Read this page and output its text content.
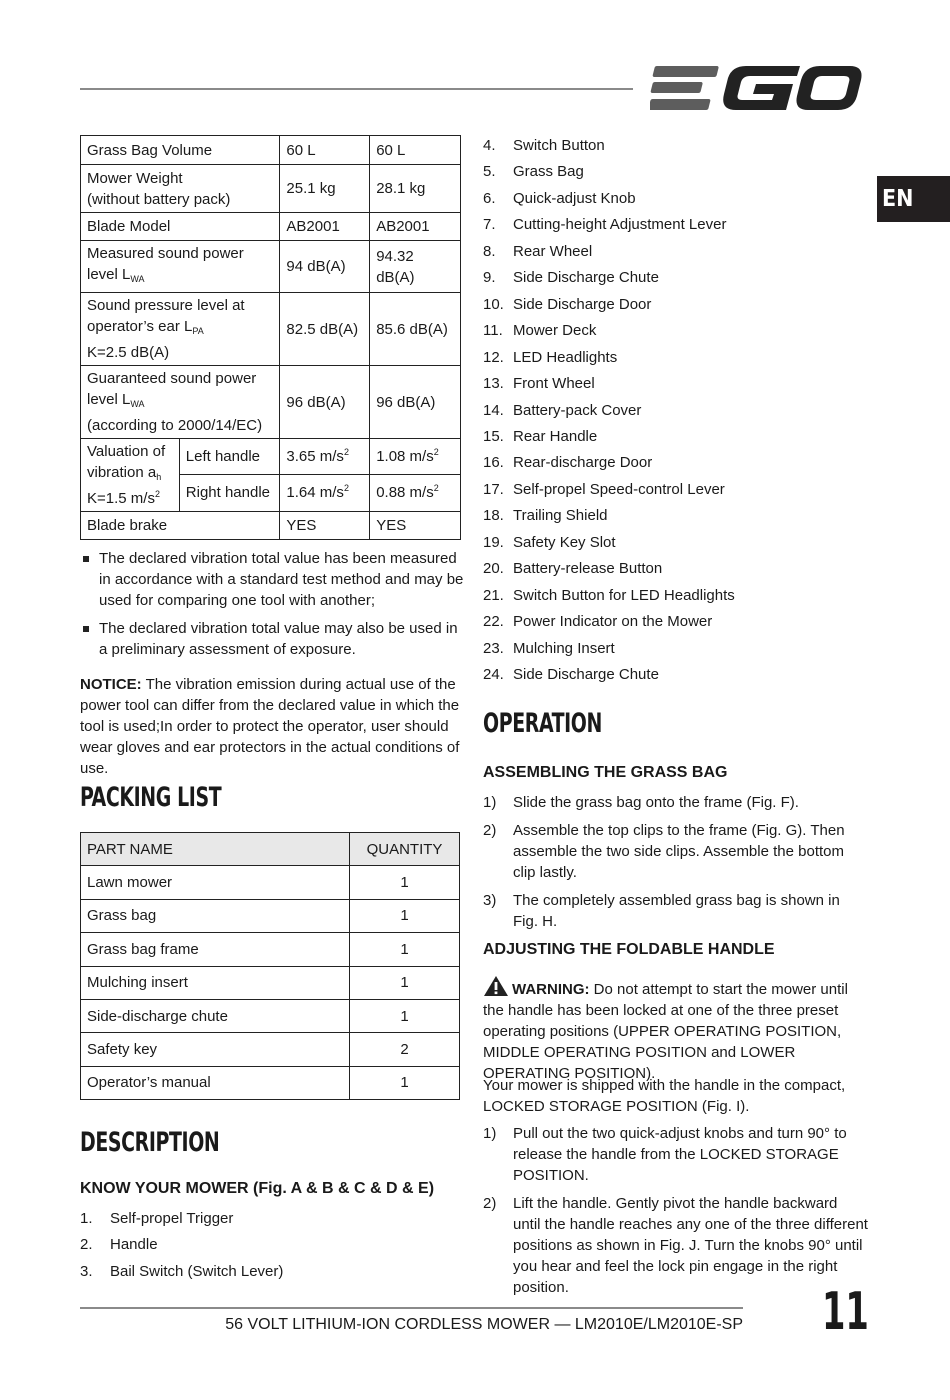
EN
Grass Bag Volume		60 L	60 L
Mower Weight
(without battery pack)		25.1 kg	28.1 kg
Blade Model		AB2001	AB2001
Measured sound power
level $L_{WA}$		94 dB(A)	94.32 dB(A)
Sound pressure level at
operator’s ear $L_{PA}$
K=2.5 dB(A)		82.5 dB(A)	85.6 dB(A)
Guaranteed sound power
level $L_{WA}$
(according to 2000/14/EC)		96 dB(A)	96 dB(A)
Valuation of
vibration $a_h$
K=1.5 $m/s^2$	Left handle	3.65 $m/s^2$	1.08 $m/s^2$
	Right handle	1.64 $m/s^2$	0.88 $m/s^2$
Blade brake		YES	YES
The declared vibration total value has been measured in accordance with a standard test method and may be used for comparing one tool with another;
The declared vibration total value may also be used in a preliminary assessment of exposure.
NOTICE: The vibration emission during actual use of the power tool can differ from the declared value in which the tool is used;In order to protect the operator, user should wear gloves and ear protectors in the actual conditions of use.
PACKING LIST
PART NAME	QUANTITY
Lawn mower	1
Grass bag	1
Grass bag frame	1
Mulching insert	1
Side-discharge chute	1
Safety key	2
Operator’s manual	1
DESCRIPTION
KNOW YOUR MOWER (Fig. A & B & C & D & E)
1. Self-propel Trigger
2. Handle
3. Bail Switch (Switch Lever)
4. Switch Button
5. Grass Bag
6. Quick-adjust Knob
7. Cutting-height Adjustment Lever
8. Rear Wheel
9. Side Discharge Chute
10. Side Discharge Door
11. Mower Deck
12. LED Headlights
13. Front Wheel
14. Battery-pack Cover
15. Rear Handle
16. Rear-discharge Door
17. Self-propel Speed-control Lever
18. Trailing Shield
19. Safety Key Slot
20. Battery-release Button
21. Switch Button for LED Headlights
22. Power Indicator on the Mower
23. Mulching Insert
24. Side Discharge Chute
OPERATION
ASSEMBLING THE GRASS BAG
1) Slide the grass bag onto the frame (Fig. F).
2) Assemble the top clips to the frame (Fig. G). Then assemble the two side clips. Assemble the bottom clip lastly.
3) The completely assembled grass bag is shown in Fig. H.
ADJUSTING THE FOLDABLE HANDLE
WARNING: Do not attempt to start the mower until the handle has been locked at one of the three preset operating positions (UPPER OPERATING POSITION, MIDDLE OPERATING POSITION and LOWER OPERATING POSITION).
Your mower is shipped with the handle in the compact, LOCKED STORAGE POSITION (Fig. I).
1) Pull out the two quick-adjust knobs and turn 90° to release the handle from the LOCKED STORAGE POSITION.
2) Lift the handle. Gently pivot the handle backward until the handle reaches any one of the three different positions as shown in Fig. J. Turn the knobs 90° until you hear and feel the lock pin engage in the right position.
56 VOLT LITHIUM-ION CORDLESS MOWER — LM2010E/LM2010E-SP 11
